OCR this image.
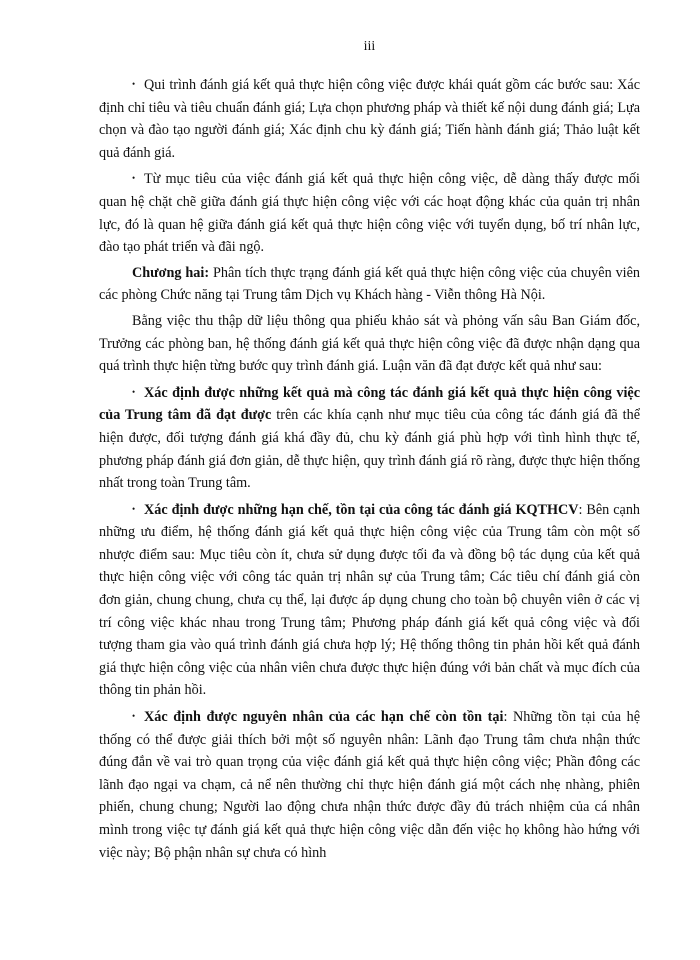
iii

• Qui trình đánh giá kết quả thực hiện công việc được khái quát gồm các bước sau: Xác định chỉ tiêu và tiêu chuẩn đánh giá; Lựa chọn phương pháp và thiết kế nội dung đánh giá; Lựa chọn và đào tạo người đánh giá; Xác định chu kỳ đánh giá; Tiến hành đánh giá; Thảo luật kết quả đánh giá.

• Từ mục tiêu của việc đánh giá kết quả thực hiện công việc, dễ dàng thấy được mối quan hệ chặt chẽ giữa đánh giá thực hiện công việc với các hoạt động khác của quản trị nhân lực, đó là quan hệ giữa đánh giá kết quả thực hiện công việc với tuyển dụng, bố trí nhân lực, đào tạo phát triển và đãi ngộ.

Chương hai: Phân tích thực trạng đánh giá kết quả thực hiện công việc của chuyên viên các phòng Chức năng tại Trung tâm Dịch vụ Khách hàng - Viễn thông Hà Nội.

Bằng việc thu thập dữ liệu thông qua phiếu khảo sát và phỏng vấn sâu Ban Giám đốc, Trưởng các phòng ban, hệ thống đánh giá kết quả thực hiện công việc đã được nhận dạng qua quá trình thực hiện từng bước quy trình đánh giá. Luận văn đã đạt được kết quả như sau:

• Xác định được những kết quả mà công tác đánh giá kết quả thực hiện công việc của Trung tâm đã đạt được trên các khía cạnh như mục tiêu của công tác đánh giá đã thể hiện được, đối tượng đánh giá khá đầy đủ, chu kỳ đánh giá phù hợp với tình hình thực tế, phương pháp đánh giá đơn giản, dễ thực hiện, quy trình đánh giá rõ ràng, được thực hiện thống nhất trong toàn Trung tâm.

• Xác định được những hạn chế, tồn tại của công tác đánh giá KQTHCV: Bên cạnh những ưu điểm, hệ thống đánh giá kết quả thực hiện công việc của Trung tâm còn một số nhược điểm sau: Mục tiêu còn ít, chưa sử dụng được tối đa và đồng bộ tác dụng của kết quả thực hiện công việc với công tác quản trị nhân sự của Trung tâm; Các tiêu chí đánh giá còn đơn giản, chung chung, chưa cụ thể, lại được áp dụng chung cho toàn bộ chuyên viên ở các vị trí công việc khác nhau trong Trung tâm; Phương pháp đánh giá kết quả công việc và đối tượng tham gia vào quá trình đánh giá chưa hợp lý; Hệ thống thông tin phản hồi kết quả đánh giá thực hiện công việc của nhân viên chưa được thực hiện đúng với bản chất và mục đích của thông tin phản hồi.

• Xác định được nguyên nhân của các hạn chế còn tồn tại: Những tồn tại của hệ thống có thể được giải thích bởi một số nguyên nhân: Lãnh đạo Trung tâm chưa nhận thức đúng đắn về vai trò quan trọng của việc đánh giá kết quả thực hiện công việc; Phần đông các lãnh đạo ngại va chạm, cả nể nên thường chỉ thực hiện đánh giá một cách nhẹ nhàng, phiên phiến, chung chung; Người lao động chưa nhận thức được đầy đủ trách nhiệm của cá nhân mình trong việc tự đánh giá kết quả thực hiện công việc dẫn đến việc họ không hào hứng với việc này; Bộ phận nhân sự chưa có hình
